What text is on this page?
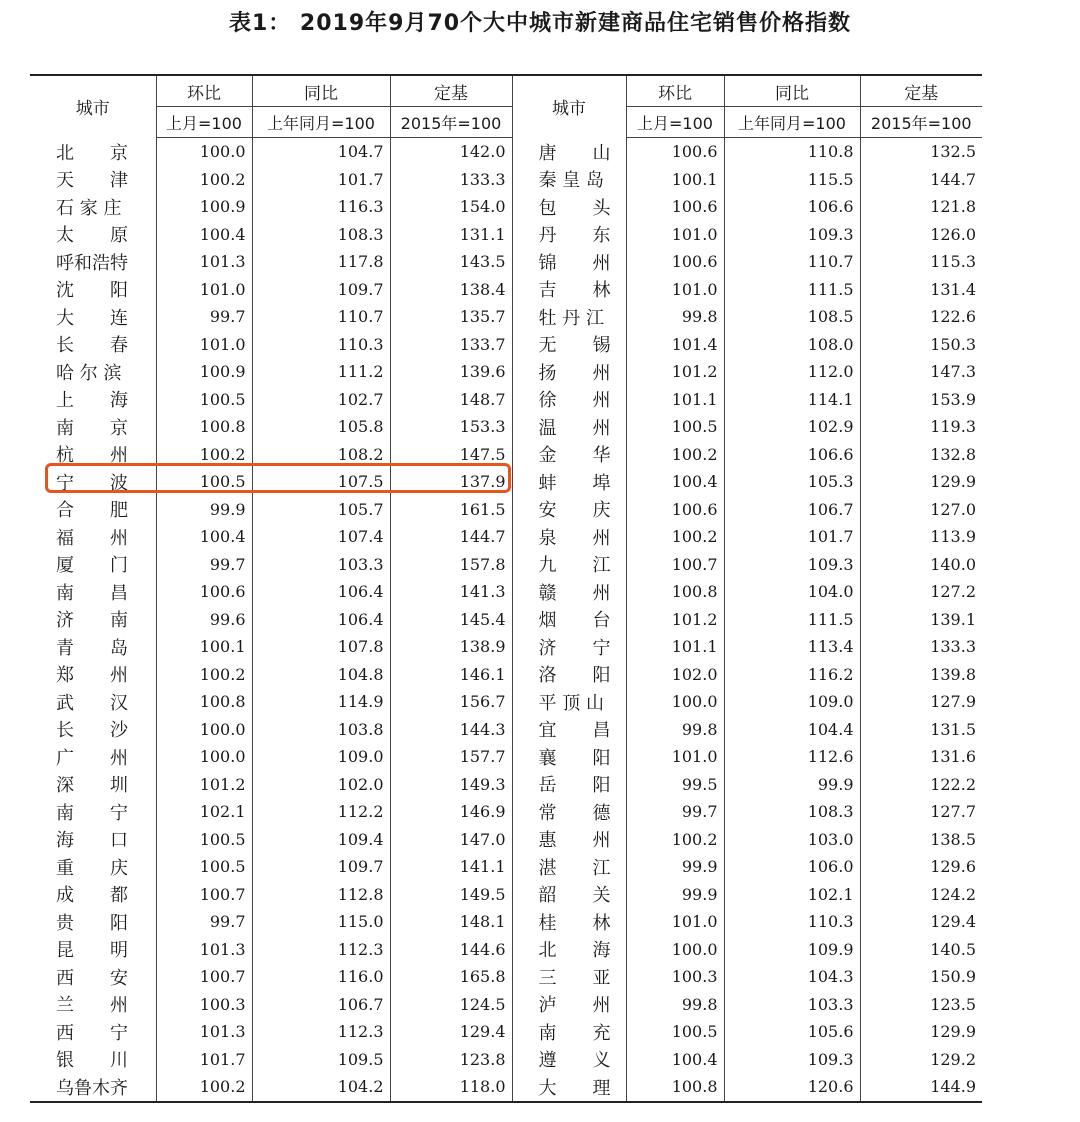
表1： 2019年9月70个大中城市新建商品住宅销售价格指数
城市	环比	同比	定基	城市	环比	同比	定基
	上月=100	上年同月=100	2015年=100		上月=100	上年同月=100	2015年=100
北　　京	100.0	104.7	142.0	唐　　山	100.6	110.8	132.5
天　　津	100.2	101.7	133.3	秦 皇 岛	100.1	115.5	144.7
石 家 庄	100.9	116.3	154.0	包　　头	100.6	106.6	121.8
太　　原	100.4	108.3	131.1	丹　　东	101.0	109.3	126.0
呼和浩特	101.3	117.8	143.5	锦　　州	100.6	110.7	115.3
沈　　阳	101.0	109.7	138.4	吉　　林	101.0	111.5	131.4
大　　连	99.7	110.7	135.7	牡 丹 江	99.8	108.5	122.6
长　　春	101.0	110.3	133.7	无　　锡	101.4	108.0	150.3
哈 尔 滨	100.9	111.2	139.6	扬　　州	101.2	112.0	147.3
上　　海	100.5	102.7	148.7	徐　　州	101.1	114.1	153.9
南　　京	100.8	105.8	153.3	温　　州	100.5	102.9	119.3
杭　　州	100.2	108.2	147.5	金　　华	100.2	106.6	132.8
宁　　波	100.5	107.5	137.9	蚌　　埠	100.4	105.3	129.9
合　　肥	99.9	105.7	161.5	安　　庆	100.6	106.7	127.0
福　　州	100.4	107.4	144.7	泉　　州	100.2	101.7	113.9
厦　　门	99.7	103.3	157.8	九　　江	100.7	109.3	140.0
南　　昌	100.6	106.4	141.3	赣　　州	100.8	104.0	127.2
济　　南	99.6	106.4	145.4	烟　　台	101.2	111.5	139.1
青　　岛	100.1	107.8	138.9	济　　宁	101.1	113.4	133.3
郑　　州	100.2	104.8	146.1	洛　　阳	102.0	116.2	139.8
武　　汉	100.8	114.9	156.7	平 顶 山	100.0	109.0	127.9
长　　沙	100.0	103.8	144.3	宜　　昌	99.8	104.4	131.5
广　　州	100.0	109.0	157.7	襄　　阳	101.0	112.6	131.6
深　　圳	101.2	102.0	149.3	岳　　阳	99.5	99.9	122.2
南　　宁	102.1	112.2	146.9	常　　德	99.7	108.3	127.7
海　　口	100.5	109.4	147.0	惠　　州	100.2	103.0	138.5
重　　庆	100.5	109.7	141.1	湛　　江	99.9	106.0	129.6
成　　都	100.7	112.8	149.5	韶　　关	99.9	102.1	124.2
贵　　阳	99.7	115.0	148.1	桂　　林	101.0	110.3	129.4
昆　　明	101.3	112.3	144.6	北　　海	100.0	109.9	140.5
西　　安	100.7	116.0	165.8	三　　亚	100.3	104.3	150.9
兰　　州	100.3	106.7	124.5	泸　　州	99.8	103.3	123.5
西　　宁	101.3	112.3	129.4	南　　充	100.5	105.6	129.9
银　　川	101.7	109.5	123.8	遵　　义	100.4	109.3	129.2
乌鲁木齐	100.2	104.2	118.0	大　　理	100.8	120.6	144.9
